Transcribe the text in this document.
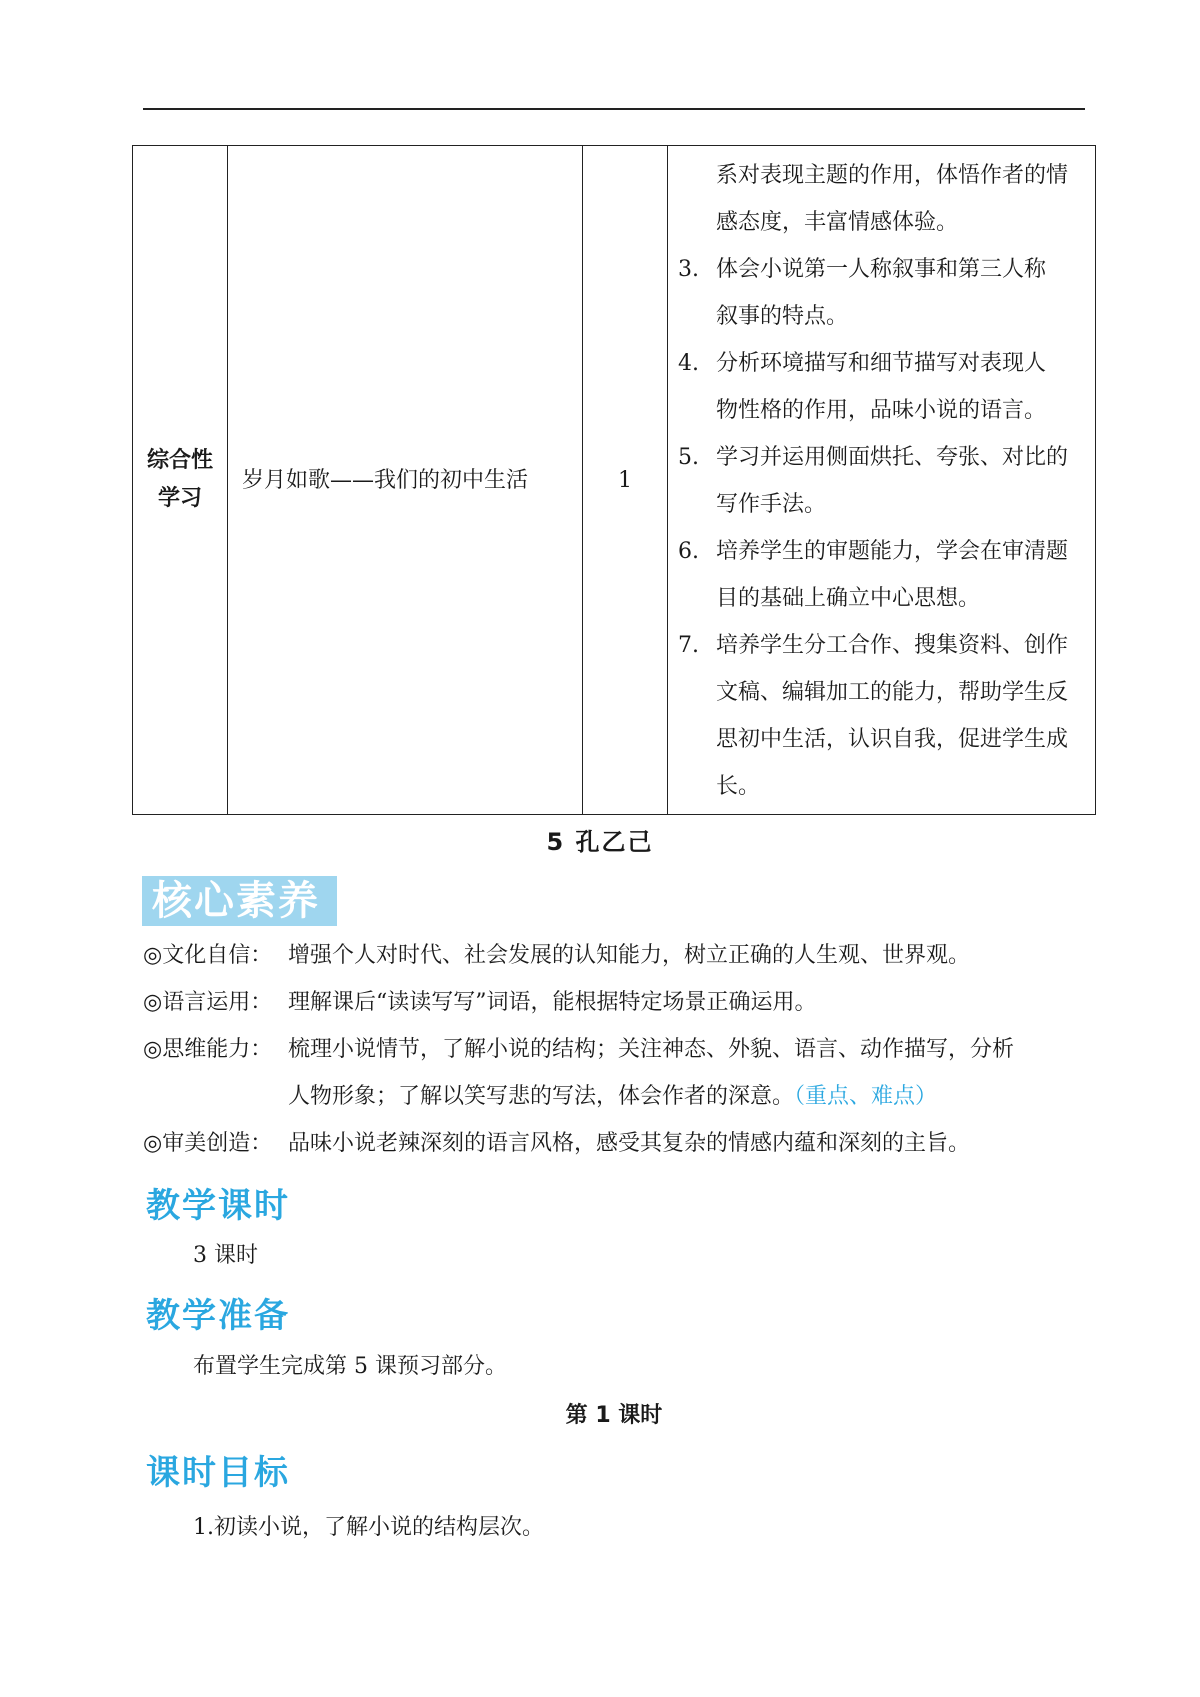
综合性
学习
	岁月如歌——我们的初中生活	1	
系对表现主题的作用，体悟作者的情
感态度，丰富情感体验。
3. 体会小说第一人称叙事和第三人称
叙事的特点。
4. 分析环境描写和细节描写对表现人
物性格的作用，品味小说的语言。
5. 学习并运用侧面烘托、夸张、对比的
写作手法。
6. 培养学生的审题能力，学会在审清题
目的基础上确立中心思想。
7. 培养学生分工合作、搜集资料、创作
文稿、编辑加工的能力，帮助学生反
思初中生活，认识自我，促进学生成
长。
5 孔乙己
核心素养
◎文化自信： 增强个人对时代、社会发展的认知能力，树立正确的人生观、世界观。
◎语言运用： 理解课后“读读写写”词语，能根据特定场景正确运用。
◎思维能力： 梳理小说情节，了解小说的结构；关注神态、外貌、语言、动作描写，分析
人物形象；了解以笑写悲的写法，体会作者的深意。（重点、难点）
◎审美创造： 品味小说老辣深刻的语言风格，感受其复杂的情感内蕴和深刻的主旨。
教学课时
3 课时
教学准备
布置学生完成第 5 课预习部分。
第 1 课时
课时目标
1.初读小说，了解小说的结构层次。
